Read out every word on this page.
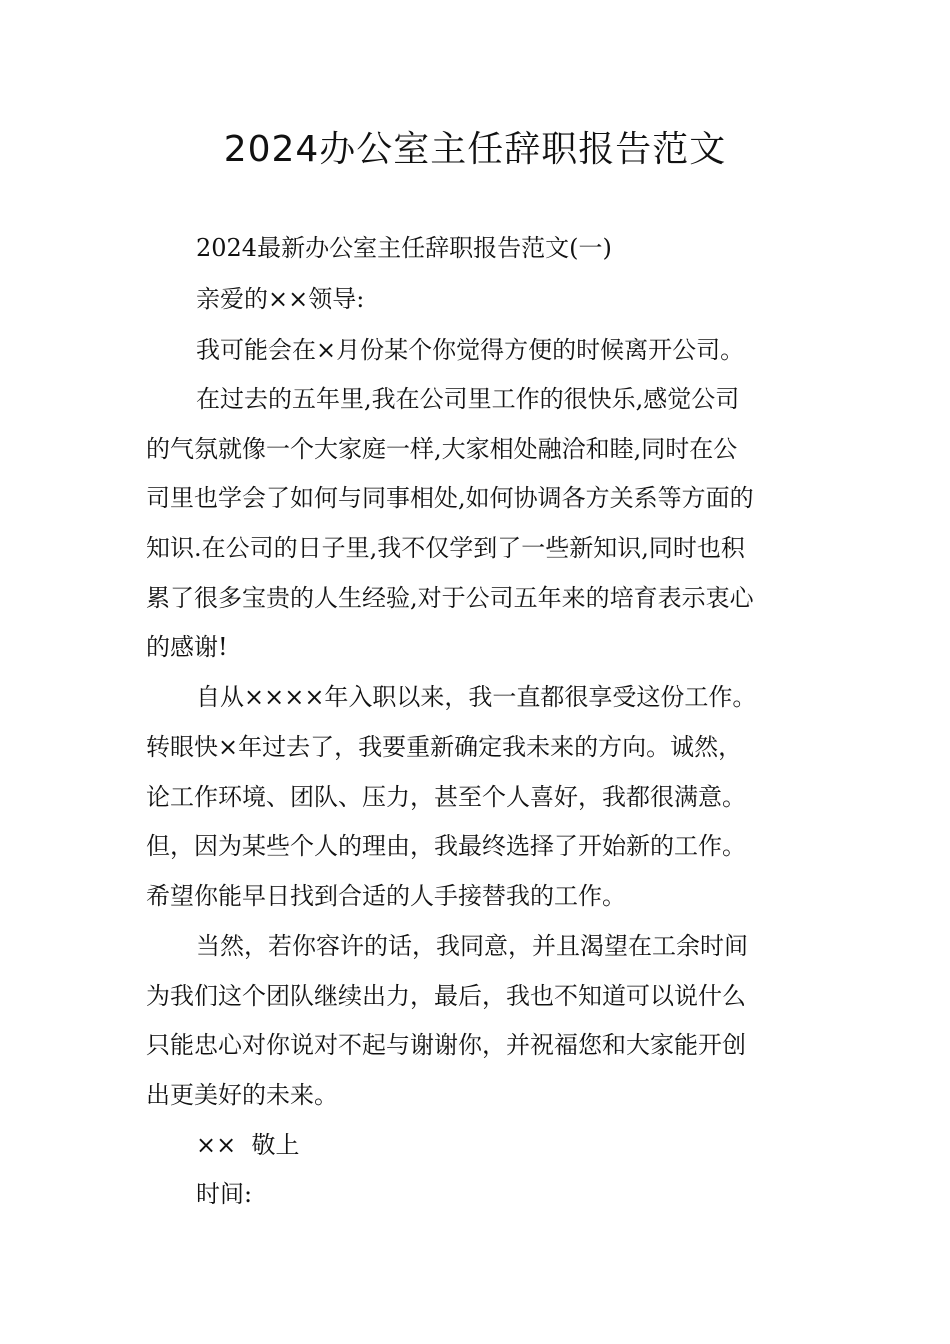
2024办公室主任辞职报告范文
2024最新办公室主任辞职报告范文(一)
亲爱的××领导:
我可能会在×月份某个你觉得方便的时候离开公司。
在过去的五年里,我在公司里工作的很快乐,感觉公司
的气氛就像一个大家庭一样,大家相处融洽和睦,同时在公
司里也学会了如何与同事相处,如何协调各方关系等方面的
知识.在公司的日子里,我不仅学到了一些新知识,同时也积
累了很多宝贵的人生经验,对于公司五年来的培育表示衷心
的感谢!
自从××××年入职以来，我一直都很享受这份工作。
转眼快×年过去了，我要重新确定我未来的方向。诚然，
论工作环境、团队、压力，甚至个人喜好，我都很满意。
但，因为某些个人的理由，我最终选择了开始新的工作。
希望你能早日找到合适的人手接替我的工作。
当然，若你容许的话，我同意，并且渴望在工余时间
为我们这个团队继续出力，最后，我也不知道可以说什么
只能忠心对你说对不起与谢谢你，并祝福您和大家能开创
出更美好的未来。
××  敬上
时间:
